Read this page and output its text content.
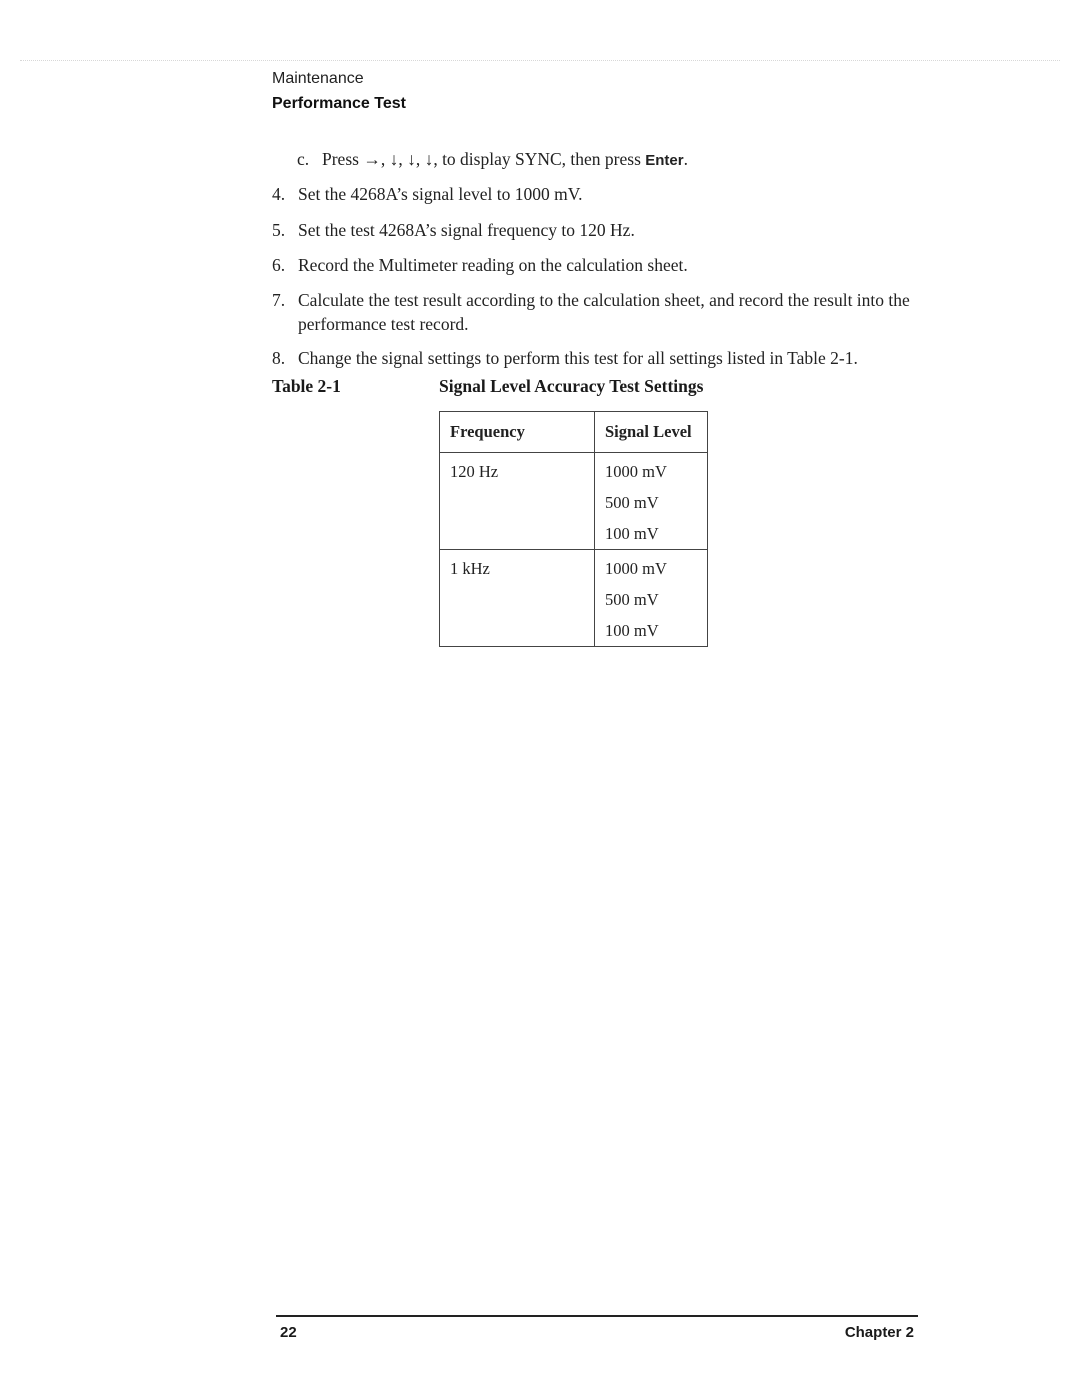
Maintenance
Performance Test
c. Press →, ↓, ↓, ↓, to display SYNC, then press Enter.
4. Set the 4268A’s signal level to 1000 mV.
5. Set the test 4268A’s signal frequency to 120 Hz.
6. Record the Multimeter reading on the calculation sheet.
7. Calculate the test result according to the calculation sheet, and record the result into the performance test record.
8. Change the signal settings to perform this test for all settings listed in Table 2-1.
Table 2-1	Signal Level Accuracy Test Settings
Frequency	Signal Level
120 Hz	1000 mV
	500 mV
	100 mV
1 kHz	1000 mV
	500 mV
	100 mV
22	Chapter 2
